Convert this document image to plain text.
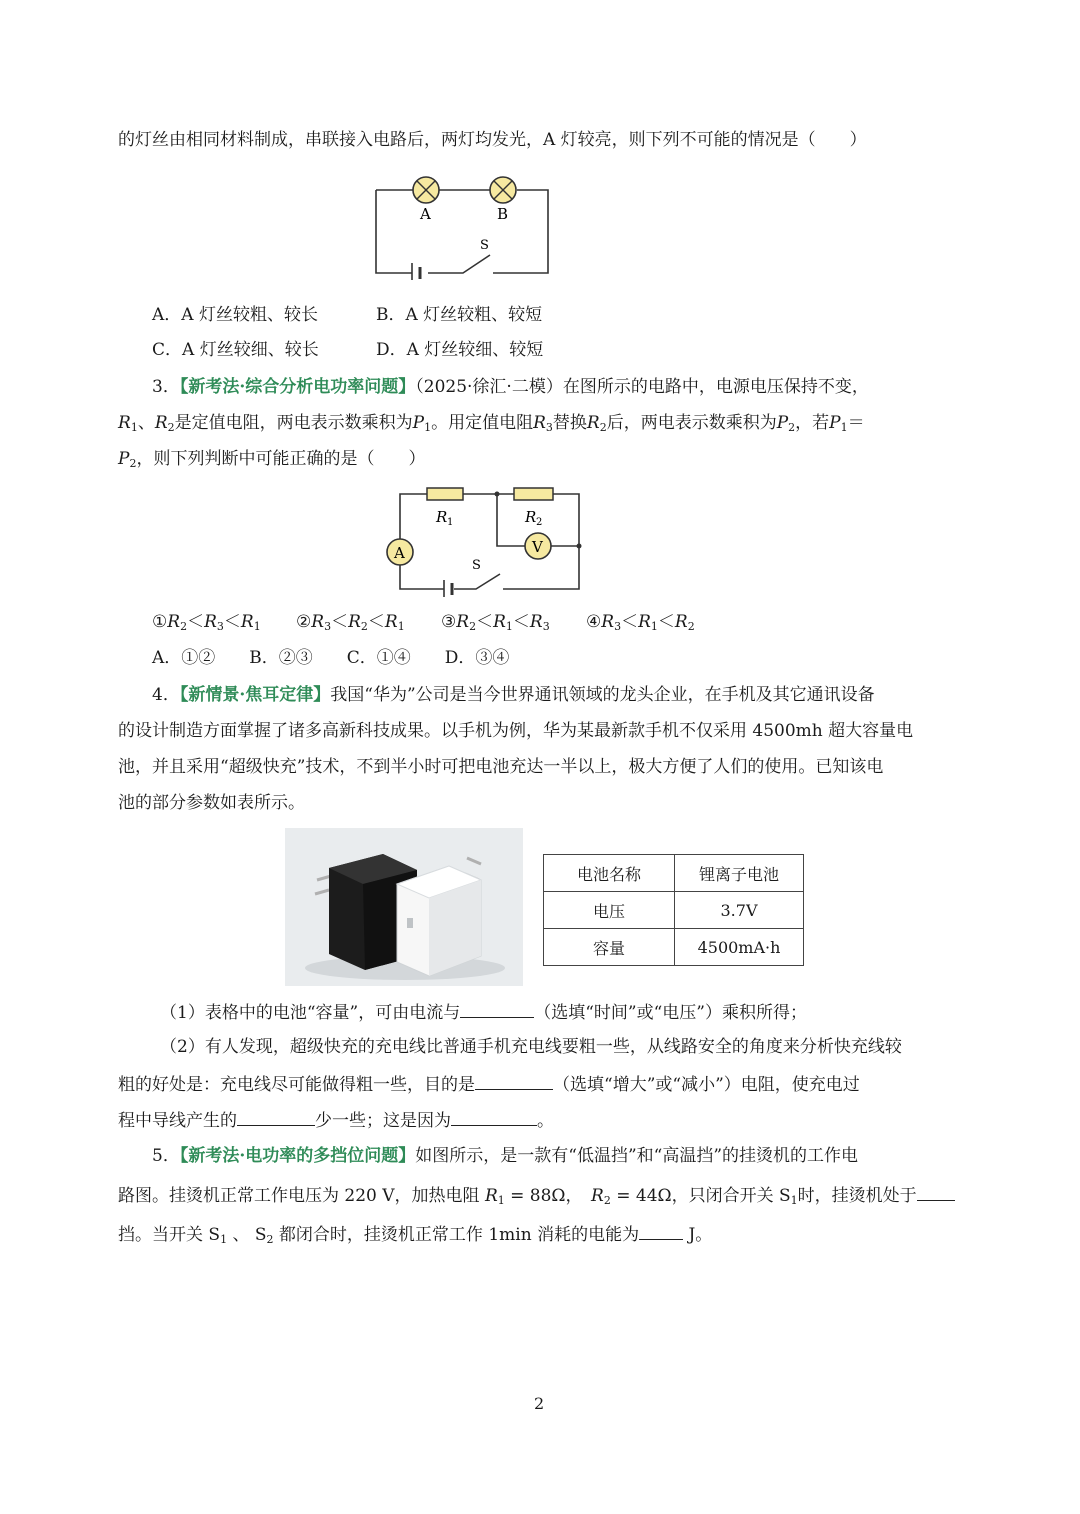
的灯丝由相同材料制成，串联接入电路后，两灯均发光，A 灯较亮，则下列不可能的情况是（　　）
A	B
S
A．A 灯丝较粗、较长	B．A 灯丝较粗、较短
C．A 灯丝较细、较长	D．A 灯丝较细、较短
3．【新考法·综合分析电功率问题】（2025·徐汇·二模）在图所示的电路中，电源电压保持不变，
$R_1$、$R_2$是定值电阻，两电表示数乘积为$P_1$。用定值电阻$R_3$替换$R_2$后，两电表示数乘积为$P_2$，若$P_1=$
$P_2$，则下列判断中可能正确的是（　　）
A	V
R 1	R 2
S
$①R_2<R_3<R_1$ $②R_3<R_2<R_1$ $③R_2<R_1<R_3$ $④R_3<R_1<R_2$
A．①②　　B．②③　　C．①④　　D．③④
4．【新情景·焦耳定律】我国“华为”公司是当今世界通讯领域的龙头企业，在手机及其它通讯设备
的设计制造方面掌握了诸多高新科技成果。以手机为例，华为某最新款手机不仅采用 4500mh 超大容量电
池，并且采用“超级快充”技术，不到半小时可把电池充达一半以上，极大方便了人们的使用。已知该电
池的部分参数如表所示。
电池名称	锂离子电池
电压	3.7V
容量	4500mA·h
（1）表格中的电池“容量”，可由电流与	（选填“时间”或“电压”）乘积所得；
（2）有人发现，超级快充的充电线比普通手机充电线要粗一些，从线路安全的角度来分析快充线较
粗的好处是：充电线尽可能做得粗一些，目的是	（选填“增大”或“减小”）电阻，使充电过
程中导线产生的	少一些；这是因为	。
5．【新考法·电功率的多挡位问题】如图所示，是一款有“低温挡”和“高温挡”的挂烫机的工作电
路图。挂烫机正常工作电压为 220 V，加热电阻 $R_1 = 88\Omega$，　$R_2 = 44\Omega$，只闭合开关 $S_1$时，挂烫机处于
挡。当开关 $S_1$ 、 $S_2$ 都闭合时，挂烫机正常工作 1min 消耗的电能为	J。
2
